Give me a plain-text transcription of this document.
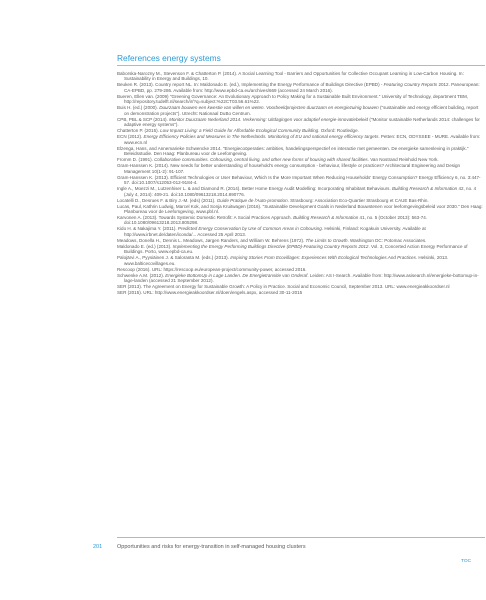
References energy systems

Baborska-Narozny M., Stevenson F. & Chatterton P. (2014). A Social Learning Tool - Barriers and Opportunities for Collective Occupant Learning in Low-Carbon Housing. In: Sustainability in Energy and Buildings, 10.

Beuken R. (2013). Country report NL. In: Maldonado E. (ed.), Implementing the Energy Performance of Buildings Directive (EPBD) - Featuring Country Reports 2012. Paneuropean: CA-EPBD, pp. 279-286. Available from: http://www.epbd-ca.eu/archives/669 (accessed 24 March 2016).

Bueren, Ellen van. (2009) "Greening Governance: An Evolutionary Approach to Policy Making for a Sustainable Built Environment." University of Technology, department TBM, http://repository.tudelft.nl/search/ir/?q=subject:%22CT03.56.61%22.

Buis H. (ed.) (2000). Duurzaam bouwen een kwestie van willen en weten. Voorbeeldprojecten duurzaam en energiezuinig bouwen ("sustainable and energy efficient building, report on demonstration projects"). Utrecht: Nationaal DuBo Centrum.

CPB, PBL & SCP (2014). Monitor Duurzaam Nederland 2014. Verkenning: Uitdagingen voor adaptief energie-innovatiebeleid ("Monitor sustainable Netherlands 2014: challenges for adaptive energy systems").

Chatterton P. (2015). Low Impact Living: a Field Guide for Affordable Ecological Community Building. Oxford: Routledge.

ECN (2012). Energy Efficiency Policies and Measures in The Netherlands. Monitoring of EU and national energy efficiency targets. Petten: ECN, ODYSSEE - MURE. Available from: www.ecn.nl

Elzenga, Hans, and Annemarieke Schwencke 2014. "Energiecoöperaties: ambities, handelingsperspectief en interactie met gemeenten. De energieke samenleving in praktijk." Beleidsstudie. Den Haag: Planbureau voor de Leefomgeving.

Fromm D. (1991). Collaborative communities. Cohousing, central living, and other new forms of housing with shared facilities. Van Nostrand Reinhold New York.

Gram-Hanssen K. (2014). New needs for better understanding of household's energy consumption - behaviour, lifestyle or practices? Architectural Engineering and Design Management 10(1-2): 91-107.

Gram-Hanssen K. (2013). Efficient Technologies or User Behaviour, Which Is the More Important When Reducing Households' Energy Consumption? Energy Efficiency 6, no. 3:447-57. doi:10.1007/s12053-012-9184-4.

Ingle A., Moezzi M., Lutzenhiser L. & and Diamond R. (2014). Better Home Energy Audit Modelling: Incorporating Inhabitant Behaviours. Building Research & Information 42, no. 4 (July 4, 2014): 409-21. doi:10.1080/09613218.2014.890776.

Locatelli D., Desrues F. & Biry J.-M. (eds) (2011). Guide Pratique de l'Auto-promotion. Strasbourg: Association Eco-Quartier Strasbourg et CAUE Bas-Rhin.

Lucas, Paul, Kathrin Ludwig, Marcel Kok, and Sonja Kruitwagen (2016). "Sustainable Development Goals in Nederland Bouwstenen voor leefomgevingsbeleid voor 2030." Den Haag: Planbureau voor de Leefomgeving, www.pbl.nl.

Karvonen A. (2013). Towards Systemic Domestic Retrofit: A Social Practices Approach. Building Research & Information 41, no. 5 (October 2013): 563-74. doi:10.1080/09613218.2013.805298.

Kido H. & Nakajima Y. (2011). Predicted Energy Conservation by Use of Common Areas in Cohousing. Helsinki, Finland: Kogakuin University. Available at http://www.irbnet.de/daten/iconda/... Accessed 25 April 2013.

Meadows, Donella H., Dennis L. Meadows, Jørgen Randers, and William W. Behrens (1972). The Limits to Growth. Washington DC: Potomac Associates.

Maldonado E. (ed.) (2013). Implementing the Energy Performing Buildings Directive (EPBD)-Featuring Country Reports 2012. Vol. 3, Concerted Action Energy Performance of Buildings. Porto, www.epbd-ca.eu.

Palojärvi A., Pyysiäinen J. & Saloranta M. (eds.) (2013). Inspiring Stories From Ecovillages: Experiences With Ecological Technologies And Practices. Helsinki, 2013. www.balticecovillages.eu.

Rescoop (2016). URL: https://rescoop.eu/european-project/community-power, accessed 2016.

Schwenke A.M. (2012). Energieke BottomUp in Lage Landen. De Energietransitie van Onderaf. Leiden: AS I-Search. Available from: http://www.asisearch.nl/energieke-bottomup-in-lage-landen (accessed 21 September 2012).

SER (2013). The Agreement on Energy for Sustainable Growth: A Policy in Practice. Social and Economic Council, September 2013. URL: www.energieakkoordser.nl

SER (2015). URL: http://www.energieakkoordser.nl/doen/engels.aspx, accessed 30-11-2015

201	Opportunities and risks for energy-transition in self-managed housing clusters
TOC
